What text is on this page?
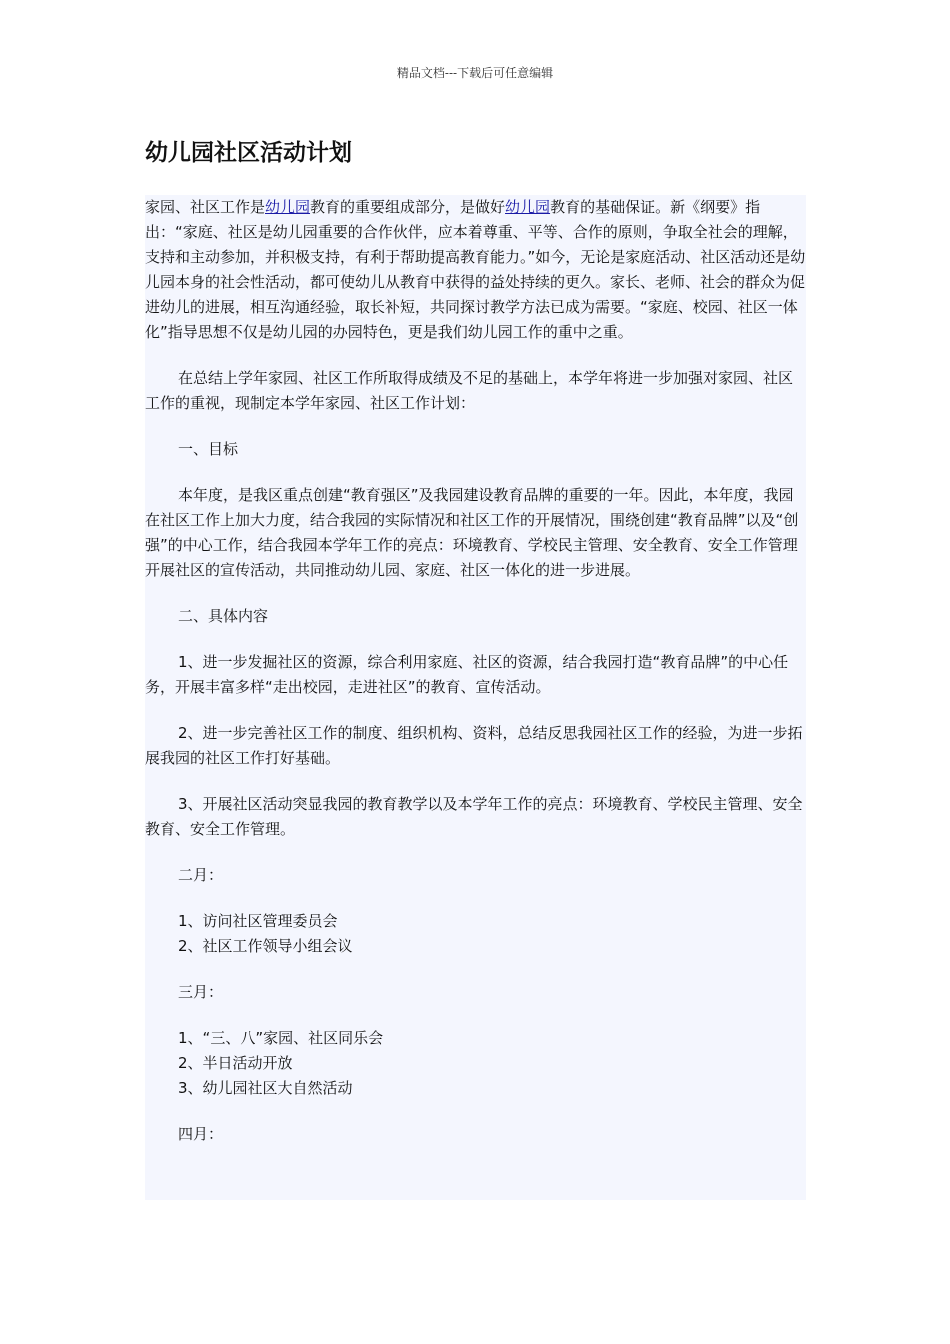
精品文档---下载后可任意编辑
幼儿园社区活动计划

家园、社区工作是幼儿园教育的重要组成部分，是做好幼儿园教育的基础保证。新《纲要》指出：“家庭、社区是幼儿园重要的合作伙伴，应本着尊重、平等、合作的原则，争取全社会的理解，支持和主动参加，并积极支持，有利于帮助提高教育能力。”如今，无论是家庭活动、社区活动还是幼儿园本身的社会性活动，都可使幼儿从教育中获得的益处持续的更久。家长、老师、社会的群众为促进幼儿的进展，相互沟通经验，取长补短，共同探讨教学方法已成为需要。“家庭、校园、社区一体化”指导思想不仅是幼儿园的办园特色，更是我们幼儿园工作的重中之重。

在总结上学年家园、社区工作所取得成绩及不足的基础上，本学年将进一步加强对家园、社区工作的重视，现制定本学年家园、社区工作计划：

一、目标

本年度，是我区重点创建“教育强区”及我园建设教育品牌的重要的一年。因此，本年度，我园在社区工作上加大力度，结合我园的实际情况和社区工作的开展情况，围绕创建“教育品牌”以及“创强”的中心工作，结合我园本学年工作的亮点：环境教育、学校民主管理、安全教育、安全工作管理开展社区的宣传活动，共同推动幼儿园、家庭、社区一体化的进一步进展。

二、具体内容

1、进一步发掘社区的资源，综合利用家庭、社区的资源，结合我园打造“教育品牌”的中心任务，开展丰富多样“走出校园，走进社区”的教育、宣传活动。

2、进一步完善社区工作的制度、组织机构、资料，总结反思我园社区工作的经验，为进一步拓展我园的社区工作打好基础。

3、开展社区活动突显我园的教育教学以及本学年工作的亮点：环境教育、学校民主管理、安全教育、安全工作管理。

二月：

1、访问社区管理委员会
2、社区工作领导小组会议

三月：

1、“三、八”家园、社区同乐会
2、半日活动开放
3、幼儿园社区大自然活动

四月：
